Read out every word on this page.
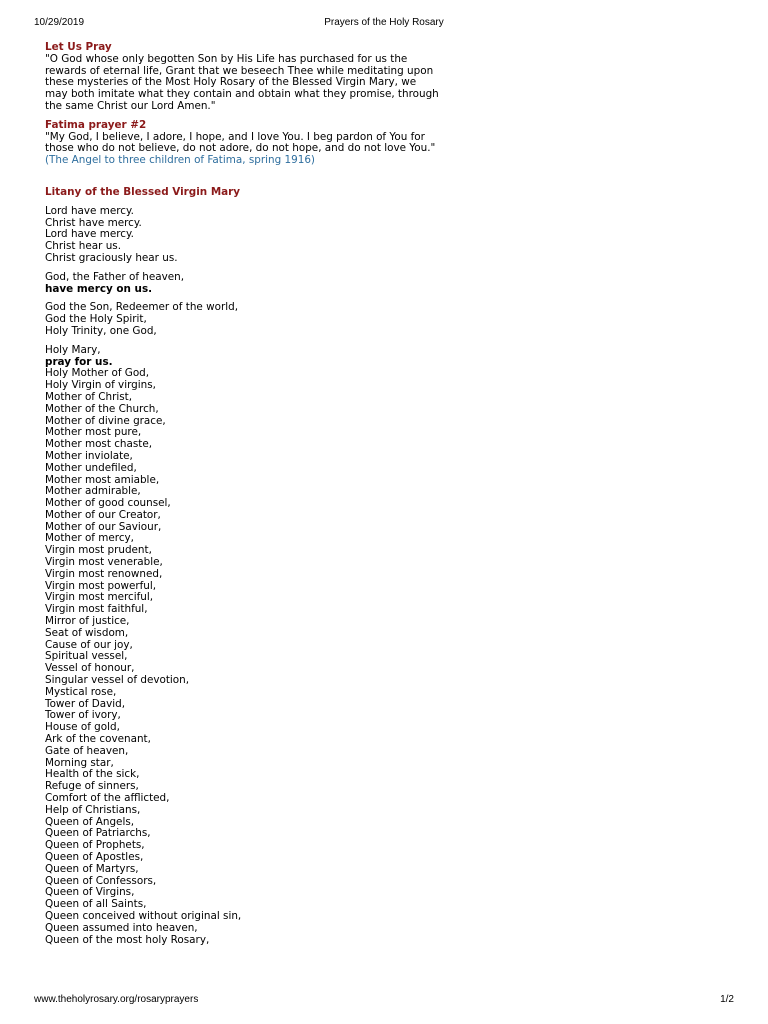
10/29/2019	Prayers of the Holy Rosary
Let Us Pray
"O God whose only begotten Son by His Life has purchased for us the
rewards of eternal life, Grant that we beseech Thee while meditating upon
these mysteries of the Most Holy Rosary of the Blessed Virgin Mary, we
may both imitate what they contain and obtain what they promise, through
the same Christ our Lord Amen."
Fatima prayer #2
"My God, I believe, I adore, I hope, and I love You. I beg pardon of You for
those who do not believe, do not adore, do not hope, and do not love You."
(The Angel to three children of Fatima, spring 1916)
Litany of the Blessed Virgin Mary
Lord have mercy.
Christ have mercy.
Lord have mercy.
Christ hear us.
Christ graciously hear us.
God, the Father of heaven,
have mercy on us.
God the Son, Redeemer of the world,
God the Holy Spirit,
Holy Trinity, one God,
Holy Mary,
pray for us.
Holy Mother of God,
Holy Virgin of virgins,
Mother of Christ,
Mother of the Church,
Mother of divine grace,
Mother most pure,
Mother most chaste,
Mother inviolate,
Mother undefiled,
Mother most amiable,
Mother admirable,
Mother of good counsel,
Mother of our Creator,
Mother of our Saviour,
Mother of mercy,
Virgin most prudent,
Virgin most venerable,
Virgin most renowned,
Virgin most powerful,
Virgin most merciful,
Virgin most faithful,
Mirror of justice,
Seat of wisdom,
Cause of our joy,
Spiritual vessel,
Vessel of honour,
Singular vessel of devotion,
Mystical rose,
Tower of David,
Tower of ivory,
House of gold,
Ark of the covenant,
Gate of heaven,
Morning star,
Health of the sick,
Refuge of sinners,
Comfort of the afflicted,
Help of Christians,
Queen of Angels,
Queen of Patriarchs,
Queen of Prophets,
Queen of Apostles,
Queen of Martyrs,
Queen of Confessors,
Queen of Virgins,
Queen of all Saints,
Queen conceived without original sin,
Queen assumed into heaven,
Queen of the most holy Rosary,
www.theholyrosary.org/rosaryprayers	1/2
